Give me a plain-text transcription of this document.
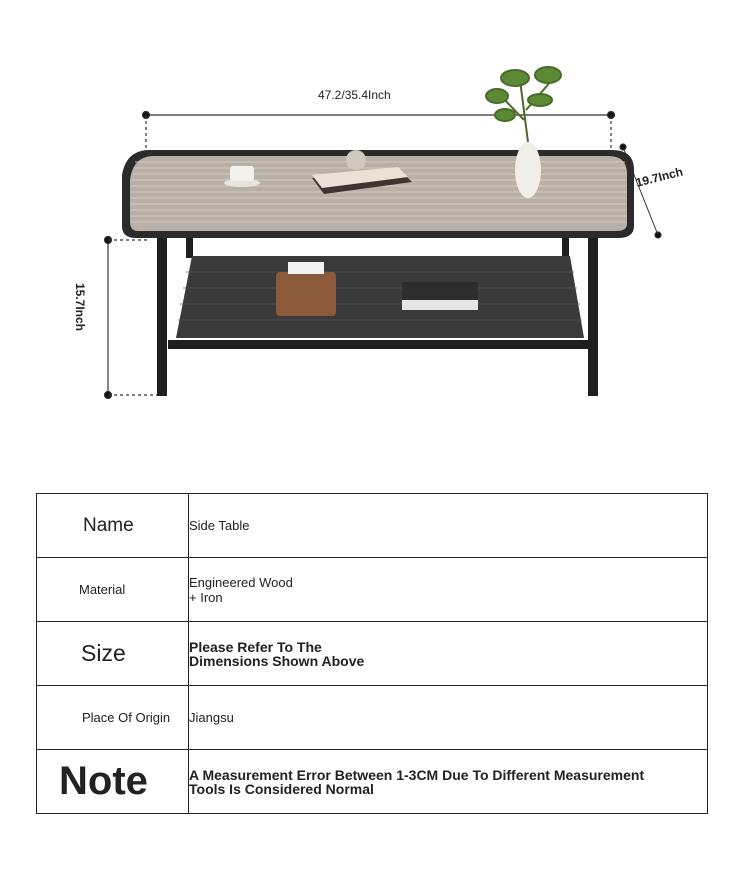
47.2/35.4Inch
19.7Inch
15.7Inch
Name	Side Table

Material	Engineered Wood
+ Iron

Size	Please Refer To The
Dimensions Shown Above

Place Of Origin	Jiangsu

Note	A Measurement Error Between 1-3CM Due To Different Measurement
Tools Is Considered Normal
